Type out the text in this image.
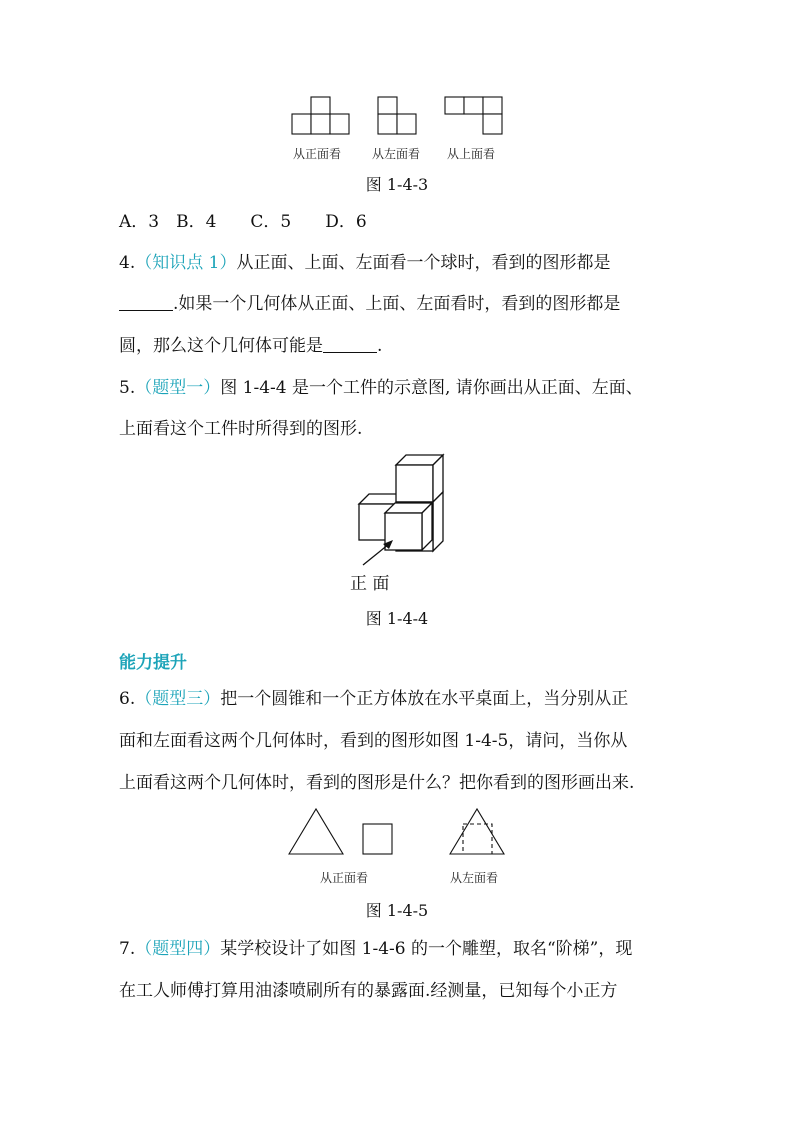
从正面看	从左面看 从上面看
图 1-4-3
A．3　B．4　　C．5　　D．6
4.（知识点 1）从正面、上面、左面看一个球时，看到的图形都是
.如果一个几何体从正面、上面、左面看时，看到的图形都是
圆，那么这个几何体可能是	.
5.（题型一）图 1-4-4 是一个工件的示意图, 请你画出从正面、左面、
上面看这个工件时所得到的图形.
正 面
图 1-4-4
能力提升
6.（题型三）把一个圆锥和一个正方体放在水平桌面上，当分别从正
面和左面看这两个几何体时，看到的图形如图 1-4-5，请问，当你从
上面看这两个几何体时，看到的图形是什么？把你看到的图形画出来.
从正面看	从左面看
图 1-4-5
7.（题型四）某学校设计了如图 1-4-6 的一个雕塑，取名“阶梯”，现
在工人师傅打算用油漆喷刷所有的暴露面.经测量，已知每个小正方
